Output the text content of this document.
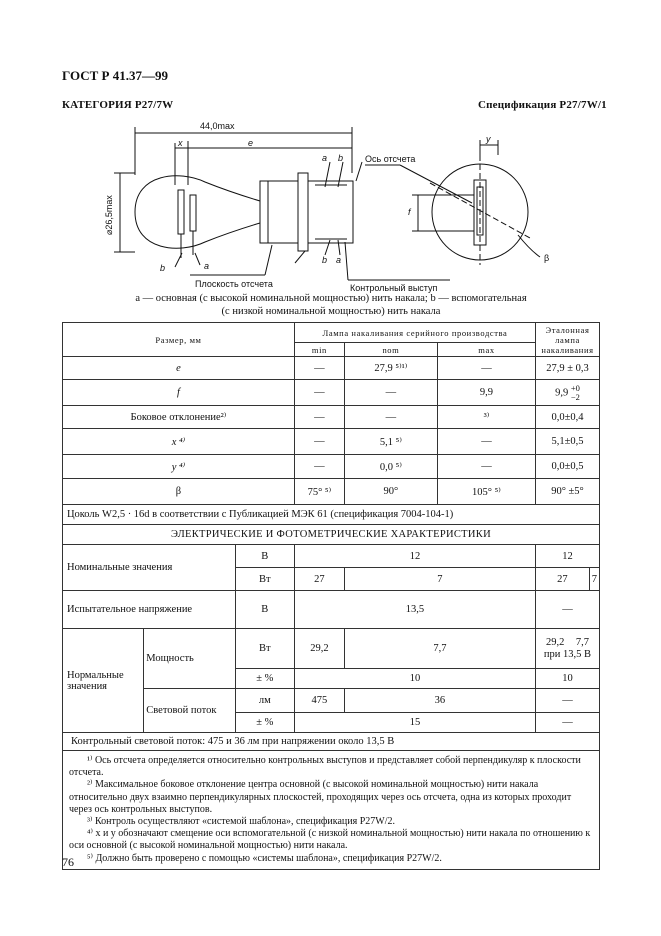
ГОСТ Р 41.37—99
КАТЕГОРИЯ P27/7W	Спецификация P27/7W/1
44,0max
e
x
⌀26,5max
a b
b a
b	a
Ось отсчета
Плоскость отсчета	Контрольный выступ
y
f
β
a — основная (с высокой номинальной мощностью) нить накала; b — вспомогательная
(с низкой номинальной мощностью) нить накала
Размер, мм			Лампа накаливания серийного производства			Эталонная лампа накаливания	
			min	nom	max		
e			—	27,9 ⁵⁾¹⁾	—	27,9 ± 0,3	
f			—	—	9,9	9,9 +0
−2	

Боковое отклонение²⁾			—	—	³⁾	0,0±0,4	
x ⁴⁾			—	5,1 ⁵⁾	—	5,1±0,5	
y ⁴⁾			—	0,0 ⁵⁾	—	0,0±0,5	
β			75° ⁵⁾	90°	105° ⁵⁾	90° ±5°	
Цоколь W2,5 · 16d в соответствии с Публикацией МЭК 61 (спецификация 7004-104-1)							
ЭЛЕКТРИЧЕСКИЕ И ФОТОМЕТРИЧЕСКИЕ ХАРАКТЕРИСТИКИ							
Номинальные значения		В	12			12	
		Вт	27	7		27	7
Испытательное напряжение		В	13,5			—	
Нормальные значения	Мощность	Вт	29,2	7,7		29,2 7,7
при 13,5 В	

		± %	10			10	
	Световой поток	лм	475	36		—	
		± %	15			—	
Контрольный световой поток: 475 и 36 лм при напряжении около 13,5 В							

¹⁾ Ось отсчета определяется относительно контрольных выступов и представляет собой перпендикуляр к плоскости отсчета.

²⁾ Максимальное боковое отклонение центра основной (с высокой номинальной мощностью) нити накала относительно двух взаимно перпендикулярных плоскостей, проходящих через ось отсчета, одна из которых проходит через ось контрольных выступов.

³⁾ Контроль осуществляют «системой шаблона», спецификация P27W/2.

⁴⁾ x и y обозначают смещение оси вспомогательной (с низкой номинальной мощностью) нити накала по отношению к оси основной (с высокой номинальной мощностью) нити накала.

⁵⁾ Должно быть проверено с помощью «системы шаблона», спецификация P27W/2.							

76
